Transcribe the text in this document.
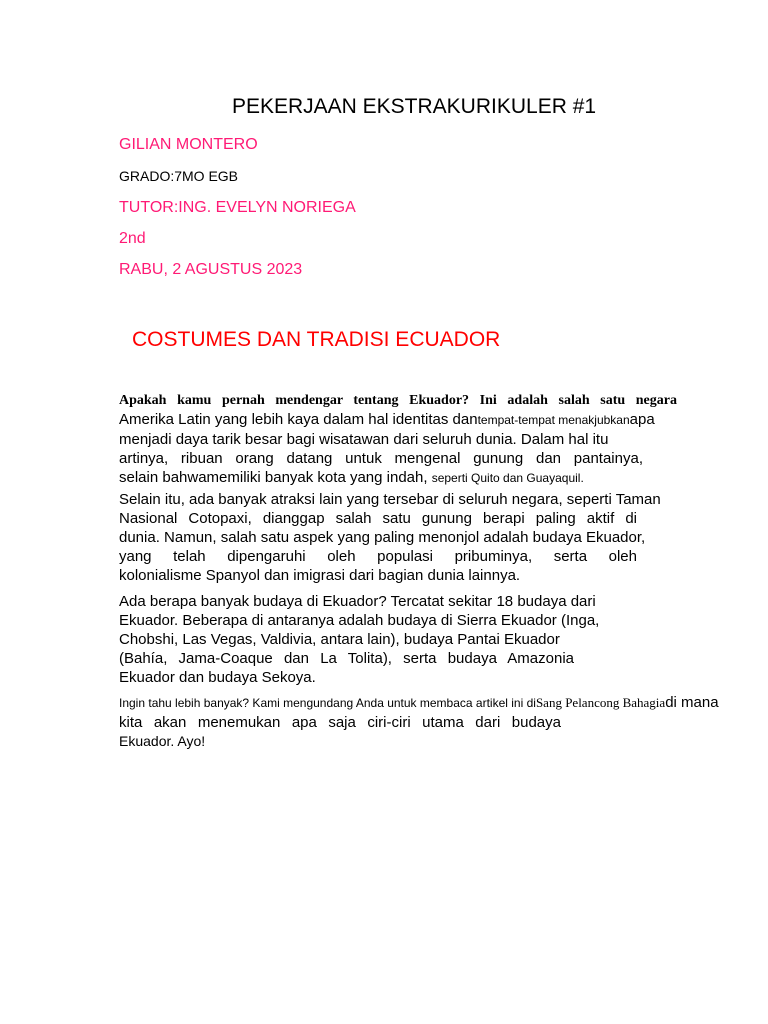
PEKERJAAN EKSTRAKURIKULER #1
GILIAN MONTERO
GRADO:7MO EGB
TUTOR:ING. EVELYN NORIEGA
2nd
RABU, 2 AGUSTUS 2023
COSTUMES DAN TRADISI ECUADOR
Apakah kamu pernah mendengar tentang Ekuador? Ini adalah salah satu negara
Amerika Latin yang lebih kaya dalam hal identitas dantempat-tempat menakjubkanapa
menjadi daya tarik besar bagi wisatawan dari seluruh dunia. Dalam hal itu
artinya, ribuan orang datang untuk mengenal gunung dan pantainya,
selain bahwamemiliki banyak kota yang indah, seperti Quito dan Guayaquil.
Selain itu, ada banyak atraksi lain yang tersebar di seluruh negara, seperti Taman
Nasional Cotopaxi, dianggap salah satu gunung berapi paling aktif di
dunia. Namun, salah satu aspek yang paling menonjol adalah budaya Ekuador,
yang telah dipengaruhi oleh populasi pribuminya, serta oleh
kolonialisme Spanyol dan imigrasi dari bagian dunia lainnya.
Ada berapa banyak budaya di Ekuador? Tercatat sekitar 18 budaya dari
Ekuador. Beberapa di antaranya adalah budaya di Sierra Ekuador (Inga,
Chobshi, Las Vegas, Valdivia, antara lain), budaya Pantai Ekuador
(Bahía, Jama-Coaque dan La Tolita), serta budaya Amazonia
Ekuador dan budaya Sekoya.
Ingin tahu lebih banyak? Kami mengundang Anda untuk membaca artikel ini diSang Pelancong Bahagiadi mana
kita akan menemukan apa saja ciri-ciri utama dari budaya
Ekuador. Ayo!
